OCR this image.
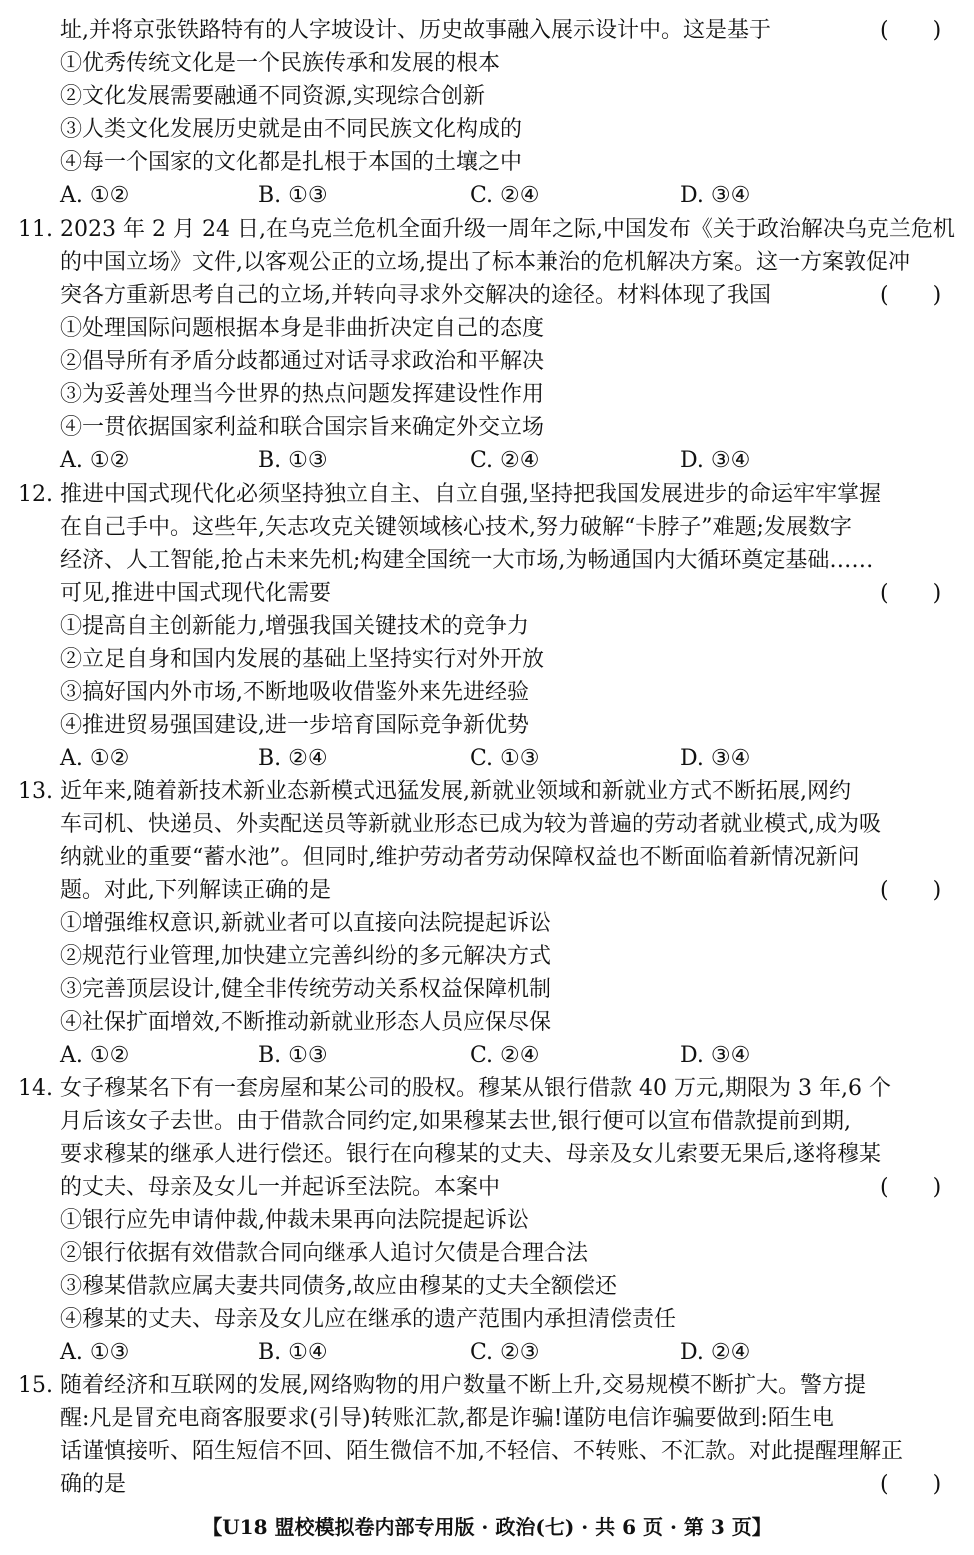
址,并将京张铁路特有的人字坡设计、历史故事融入展示设计中。这是基于	(　　)
①优秀传统文化是一个民族传承和发展的根本
②文化发展需要融通不同资源,实现综合创新
③人类文化发展历史就是由不同民族文化构成的
④每一个国家的文化都是扎根于本国的土壤之中
A. ①②	B. ①③	C. ②④	D. ③④
11. 2023 年 2 月 24 日,在乌克兰危机全面升级一周年之际,中国发布《关于政治解决乌克兰危机
的中国立场》文件,以客观公正的立场,提出了标本兼治的危机解决方案。这一方案敦促冲
突各方重新思考自己的立场,并转向寻求外交解决的途径。材料体现了我国	(　　)
①处理国际问题根据本身是非曲折决定自己的态度
②倡导所有矛盾分歧都通过对话寻求政治和平解决
③为妥善处理当今世界的热点问题发挥建设性作用
④一贯依据国家利益和联合国宗旨来确定外交立场
A. ①②	B. ①③	C. ②④	D. ③④
12. 推进中国式现代化必须坚持独立自主、自立自强,坚持把我国发展进步的命运牢牢掌握
在自己手中。这些年,矢志攻克关键领域核心技术,努力破解“卡脖子”难题;发展数字
经济、人工智能,抢占未来先机;构建全国统一大市场,为畅通国内大循环奠定基础……
可见,推进中国式现代化需要	(　　)
①提高自主创新能力,增强我国关键技术的竞争力
②立足自身和国内发展的基础上坚持实行对外开放
③搞好国内外市场,不断地吸收借鉴外来先进经验
④推进贸易强国建设,进一步培育国际竞争新优势
A. ①②	B. ②④	C. ①③	D. ③④
13. 近年来,随着新技术新业态新模式迅猛发展,新就业领域和新就业方式不断拓展,网约
车司机、快递员、外卖配送员等新就业形态已成为较为普遍的劳动者就业模式,成为吸
纳就业的重要“蓄水池”。但同时,维护劳动者劳动保障权益也不断面临着新情况新问
题。对此,下列解读正确的是	(　　)
①增强维权意识,新就业者可以直接向法院提起诉讼
②规范行业管理,加快建立完善纠纷的多元解决方式
③完善顶层设计,健全非传统劳动关系权益保障机制
④社保扩面增效,不断推动新就业形态人员应保尽保
A. ①②	B. ①③	C. ②④	D. ③④
14. 女子穆某名下有一套房屋和某公司的股权。穆某从银行借款 40 万元,期限为 3 年,6 个
月后该女子去世。由于借款合同约定,如果穆某去世,银行便可以宣布借款提前到期,
要求穆某的继承人进行偿还。银行在向穆某的丈夫、母亲及女儿索要无果后,遂将穆某
的丈夫、母亲及女儿一并起诉至法院。本案中	(　　)
①银行应先申请仲裁,仲裁未果再向法院提起诉讼
②银行依据有效借款合同向继承人追讨欠债是合理合法
③穆某借款应属夫妻共同债务,故应由穆某的丈夫全额偿还
④穆某的丈夫、母亲及女儿应在继承的遗产范围内承担清偿责任
A. ①③	B. ①④	C. ②③	D. ②④
15. 随着经济和互联网的发展,网络购物的用户数量不断上升,交易规模不断扩大。警方提
醒:凡是冒充电商客服要求(引导)转账汇款,都是诈骗!谨防电信诈骗要做到:陌生电
话谨慎接听、陌生短信不回、陌生微信不加,不轻信、不转账、不汇款。对此提醒理解正
确的是	(　　)
【U18 盟校模拟卷内部专用版 · 政治(七) · 共 6 页 · 第 3 页】
